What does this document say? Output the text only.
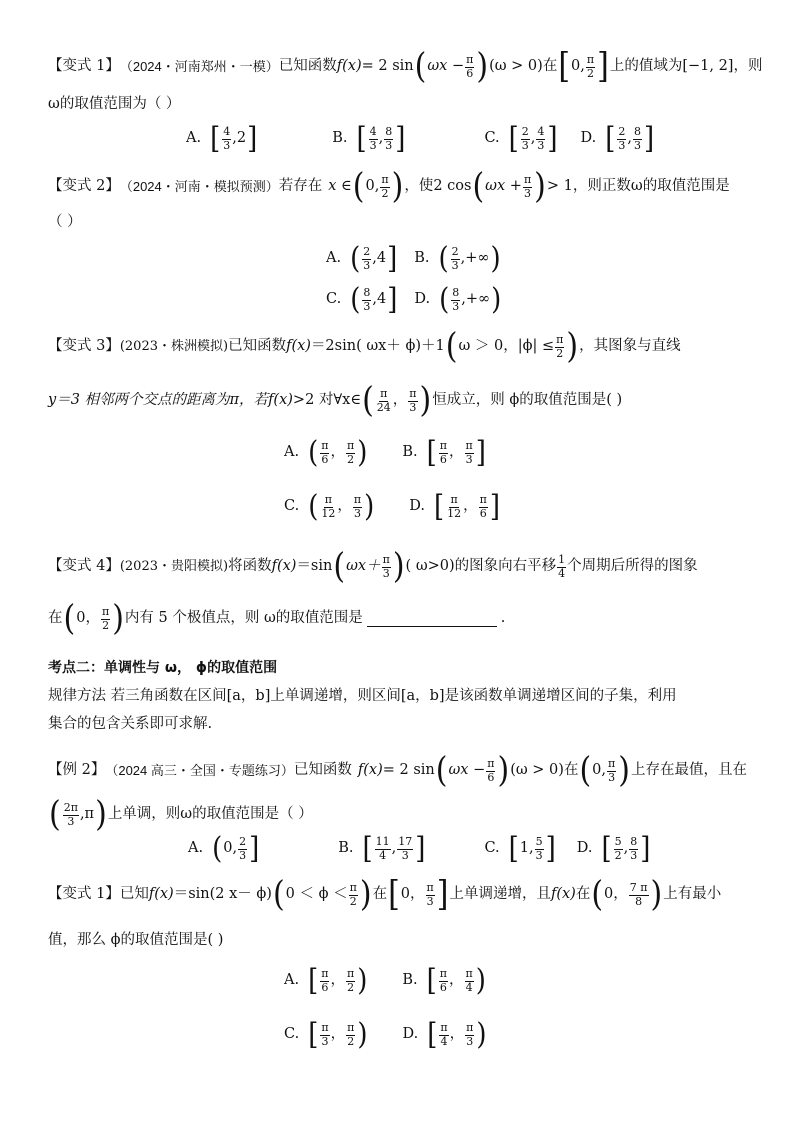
【变式 1】 （2024・河南郑州・一模） 已知函数 f(x) = 2 sin ( $\omega x - \frac{\pi}{6}$ ) (ω > 0) 在 [ 0 , $\frac{\pi}{2}$ ] 上的值域为 [−1, 2] ，则
ω的取值范围为（ ）
A. [ $\frac{4}{3} ,2$ ]	B. [ $\frac{4}{3}$ , $\frac{8}{3}$ ]	C. [ $\frac{2}{3}$ , $\frac{4}{3}$ ] D. [ $\frac{2}{3}$ , $\frac{8}{3}$ ]
【变式 2】 （2024・河南・模拟预测） 若存在 x ∈ ( 0, $\frac{\pi}{2}$ ) ，使 2 cos ( $\omega x + \frac{\pi}{3}$ ) > 1 ，则正数ω的取值范围是
（ ）
A. ( $\frac{2}{3} ,4$ ] B. ( $\frac{2}{3}$ ,+∞ )
C. ( $\frac{8}{3} ,4$ ] D. ( $\frac{8}{3}$ ,+∞ )
【变式 3】 (2023・株洲模拟) 已知函数 f(x) ＝2sin( ωx＋ ϕ)＋1 ( ω ＞ 0，$|\phi| \le \frac{\pi}{2}$ ) ，其图象与直线
y＝3 相邻两个交点的距离为π，若 f(x) >2 对∀x∈ ( $\frac{\pi}{24}$ ， $\frac{\pi}{3}$ ) 恒成立，则 ϕ的取值范围是( )
A. ( $\frac{\pi}{6}$ ， $\frac{\pi}{2}$ ) B. [ $\frac{\pi}{6}$ ， $\frac{\pi}{3}$ ]
C. ( $\frac{\pi}{12}$ ， $\frac{\pi}{3}$ ) D. [ $\frac{\pi}{12}$ ， $\frac{\pi}{6}$ ]
【变式 4】 (2023・贵阳模拟) 将函数 f(x) ＝sin ( $\omega x+ \frac{\pi}{3}$ ) ( ω>0)的图象向右平移 $\frac{1}{4}$ 个周期后所得的图象
在 ( 0， $\frac{\pi}{2}$ ) 内有 5 个极值点，则 ω的取值范围是	.
考点二：单调性与 ω， ϕ的取值范围
规律方法 若三角函数在区间[a，b]上单调递增，则区间[a，b]是该函数单调递增区间的子集，利用
集合的包含关系即可求解.
【例 2】 （2024 高三・全国・专题练习） 已知函数 f(x) = 2 sin ( $\omega x - \frac{\pi}{6}$ ) (ω > 0) 在 ( 0, $\frac{\pi}{3}$ ) 上存在最值，且在
( $\frac{2\pi}{3} ,\pi$ ) 上单调，则ω的取值范围是（ ）
A. ( 0, $\frac{2}{3}$ ]	B. [ $\frac{11}{4}$ , $\frac{17}{3}$ ]	C. [ 1, $\frac{5}{3}$ ] D. [ $\frac{5}{2}$ , $\frac{8}{3}$ ]
【变式 1】 已知 f(x) ＝sin(2 x－ ϕ) ( $0 < \phi < \frac{\pi}{2}$ ) 在 [ 0， $\frac{\pi}{3}$ ] 上单调递增，且 f(x) 在 ( 0， $\frac{7 \pi}{8}$ ) 上有最小
值，那么 ϕ的取值范围是( )
A. [ $\frac{\pi}{6}$ ， $\frac{\pi}{2}$ ) B. [ $\frac{\pi}{6}$ ， $\frac{\pi}{4}$ )
C. [ $\frac{\pi}{3}$ ， $\frac{\pi}{2}$ ) D. [ $\frac{\pi}{4}$ ， $\frac{\pi}{3}$ )
